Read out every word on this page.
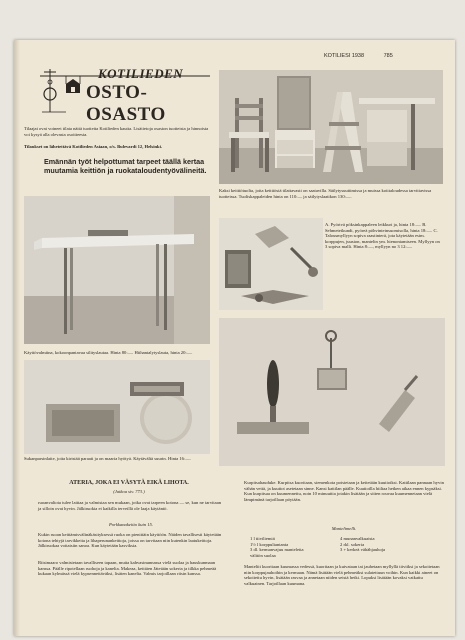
KOTILIESI 1938	785
KOTILIEDEN
OSTO-OSASTO
Tilaajat ovat voineet tilata näitä tuotteita Kotilieden kautta. Lisätietoja osaston tuotteista ja hinnoista voi kysyä alla olevasta osoitteesta.
Tilaukset on lähetettävä Kotilieden Asiaan, o/s. Bulevardi 12, Helsinki.
Emännän työt helpottumat tarpeet täällä kertaa muutamia keittiön ja ruokataloudentyövälineitä.
Kaksi keittiötuolia, joita keittiöstä tilattavasti on saatavilla. Säilytysuuttimissa ja muissa kotitaloudessa tarvittavissa tuotteissa. Tuoliskappaleiden hinta on 110:— ja säilytyslaatikon 130:—.
Käyttövalmiina, kokoonpantavaa silityslautaa. Hinta 80:—. Hiihantalytyslauta, hinta 20:—.
A. Pyörivä pöksinkappaleen leikkuri ja, hinta 18:—. B. Sehmeteikundi, pyöreä pöhvinteinsuomisolla, hinta 18:—. C. Talousmyllyyn sopiva raastinterä, jota käytetään esim. korppujen, juuston, mantelin ym. hienontamiseen. Myllyyn on 3 sopiva malli. Hinta 8:—, myllyyn no 3 12:—.
Sukanparsinlaite, joita kiristää paraati ja on maaria hyötyä. Käytävältä suurin. Hinta 16:—.
ATERIA, JOKA EI VÄSYTÄ EIKÄ LIHOTA.
(Jatkoa siv. 773.)
ruoanvaliota tulee laittaa ja valmistaa sen mukaan, jotka ovat tarpeen kotona — se, kun ne tarvitaan ja silloin ovat hyvin. Jälkiruokia ei kaikilla terveillä ole laaja käytäntö.
Porkkanakeitto kuin 15.
Kukin ruoan keittämisvälinäkäsityksessä ruoka on pienittäin käyttöön. Näiden tavallisesti käytetään kotona tehtyjä tarvikkeita ja lihaperunankeittoja, joissa on tarvitaan niin kutenkin laatukeittoja. Jälkiruokaa voitaisiin sanoa. Kun käytetään kasviksia.
Riisimaaro valmistetaan tavalliseen tapaan, mutta kahvasinunnassa vielä suolaa ja hauskunmaan kanssa. Päälle ripotellaan ruohoja ja kanelia. Makeaa, keittäen Jätetään sokeria ja tilkka pehmeää kukaan kylmässä vielä kypsennettäväksi, lisäten kanelia. Valmis tarjoillaan riisin kanssa.
Kurpitsahauduke. Kurpitsa kuoritaan, siemenkota poistetaan ja keitetään kuutioiksi. Kattilaan pannaan hyvin vähän vettä, ja kuutiot asetetaan sinne. Kansi kattilan päälle. Kuutioilla hiiltaa hetken aikaa ennen kypsäksi. Kun kurpitsaa on kuumennettu, noin 10 minuuttia jotakin lisätään ja sitten rouvaa kuumennetaan vielä lämpimänä tarjoillaan pöytään.
Mantelimelli.
1 l tiiviliemiä
1½ l korppuliantanta
3 dl. kermanvajuu manteleita
välitön suolaa
4 munanvalkuaista
2 rkl. sokeria
3 + kerkeä vähähjauhoja
Manteliit kuoritaan kuumassa vedessä, kuoritaan ja kuivataan tai jauhetaan myllyllä tiiviiksi ja sekoitetaan niin korppujauhoihin ja kermaan. Nämä lisätään vielä pehmeäksi sulatettuun voihin. Kun kaikki aineet on sekoitettu hyvin, lisätään rasvaa ja annetaan niiden seistä hetki. Lopuksi lisätään kovaksi vatkattu valkuainen. Tarjoillaan kuumana.
